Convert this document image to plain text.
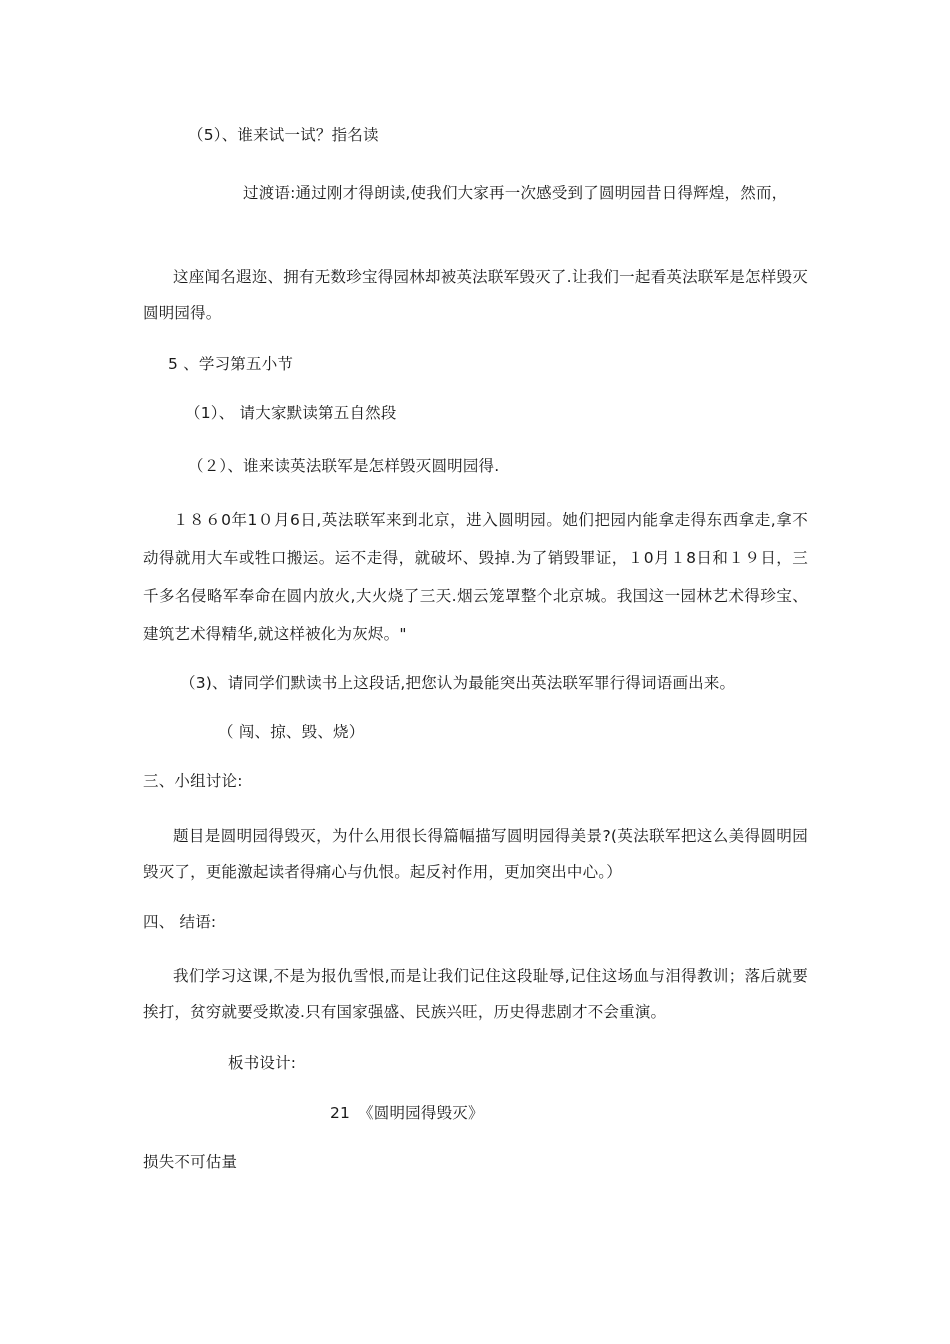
（5）、谁来试一试？指名读
过渡语:通过刚才得朗读,使我们大家再一次感受到了圆明园昔日得辉煌，然而，
这座闻名遐迩、拥有无数珍宝得园林却被英法联军毁灭了.让我们一起看英法联军是怎样毁灭圆明园得。
5 、学习第五小节
（1）、 请大家默读第五自然段
（２）、谁来读英法联军是怎样毁灭圆明园得.
１８６0年1０月6日,英法联军来到北京，进入圆明园。她们把园内能拿走得东西拿走,拿不动得就用大车或牲口搬运。运不走得，就破坏、毁掉.为了销毁罪证，１0月１8日和１９日，三千多名侵略军奉命在圆内放火,大火烧了三天.烟云笼罩整个北京城。我国这一园林艺术得珍宝、建筑艺术得精华,就这样被化为灰烬。"
（3)、请同学们默读书上这段话,把您认为最能突出英法联军罪行得词语画出来。
（ 闯、掠、毁、烧）
三、小组讨论:
题目是圆明园得毁灭，为什么用很长得篇幅描写圆明园得美景?(英法联军把这么美得圆明园毁灭了，更能激起读者得痛心与仇恨。起反衬作用，更加突出中心。）
四、 结语:
我们学习这课,不是为报仇雪恨,而是让我们记住这段耻辱,记住这场血与泪得教训；落后就要挨打，贫穷就要受欺凌.只有国家强盛、民族兴旺，历史得悲剧才不会重演。
板书设计:
21　《圆明园得毁灭》
损失不可估量
